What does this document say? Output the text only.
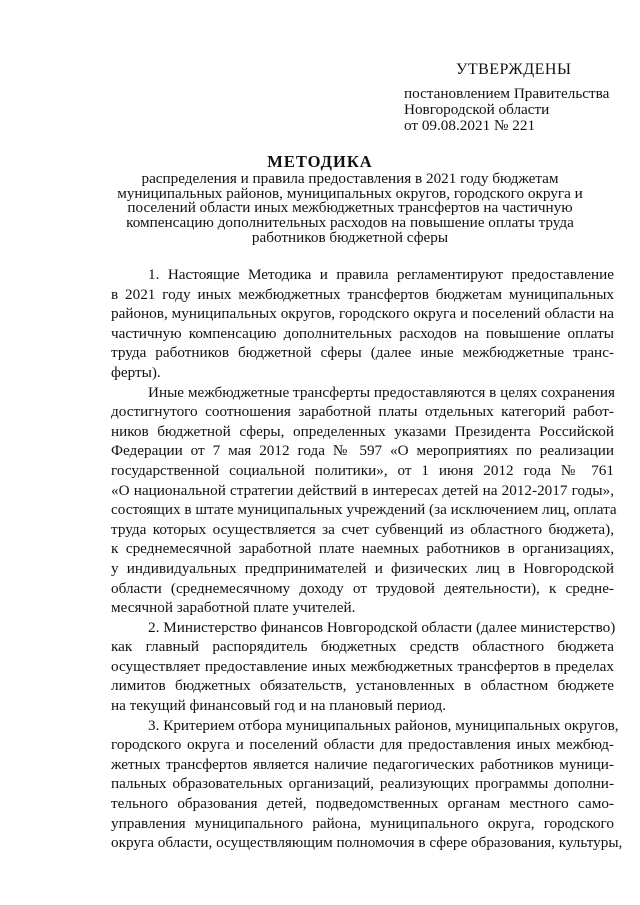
УТВЕРЖДЕНЫ
постановлением Правительства
Новгородской области
от 09.08.2021 № 221
МЕТОДИКА
распределения и правила предоставления в 2021 году бюджетам
муниципальных районов, муниципальных округов, городского округа и
поселений области иных межбюджетных трансфертов на частичную
компенсацию дополнительных расходов на повышение оплаты труда
работников бюджетной сферы
1. Настоящие Методика и правила регламентируют предоставление
в 2021 году иных межбюджетных трансфертов бюджетам муниципальных
районов, муниципальных округов, городского округа и поселений области на
частичную компенсацию дополнительных расходов на повышение оплаты
труда работников бюджетной сферы (далее иные межбюджетные транс-
ферты).
Иные межбюджетные трансферты предоставляются в целях сохранения
достигнутого соотношения заработной платы отдельных категорий работ-
ников бюджетной сферы, определенных указами Президента Российской
Федерации от 7 мая 2012 года № 597 «О мероприятиях по реализации
государственной социальной политики», от 1 июня 2012 года № 761
«О национальной стратегии действий в интересах детей на 2012-2017 годы»,
состоящих в штате муниципальных учреждений (за исключением лиц, оплата
труда которых осуществляется за счет субвенций из областного бюджета),
к среднемесячной заработной плате наемных работников в организациях,
у индивидуальных предпринимателей и физических лиц в Новгородской
области (среднемесячному доходу от трудовой деятельности), к средне-
месячной заработной плате учителей.
2. Министерство финансов Новгородской области (далее министерство)
как главный распорядитель бюджетных средств областного бюджета
осуществляет предоставление иных межбюджетных трансфертов в пределах
лимитов бюджетных обязательств, установленных в областном бюджете
на текущий финансовый год и на плановый период.
3. Критерием отбора муниципальных районов, муниципальных округов,
городского округа и поселений области для предоставления иных межбюд-
жетных трансфертов является наличие педагогических работников муници-
пальных образовательных организаций, реализующих программы дополни-
тельного образования детей, подведомственных органам местного само-
управления муниципального района, муниципального округа, городского
округа области, осуществляющим полномочия в сфере образования, культуры,
